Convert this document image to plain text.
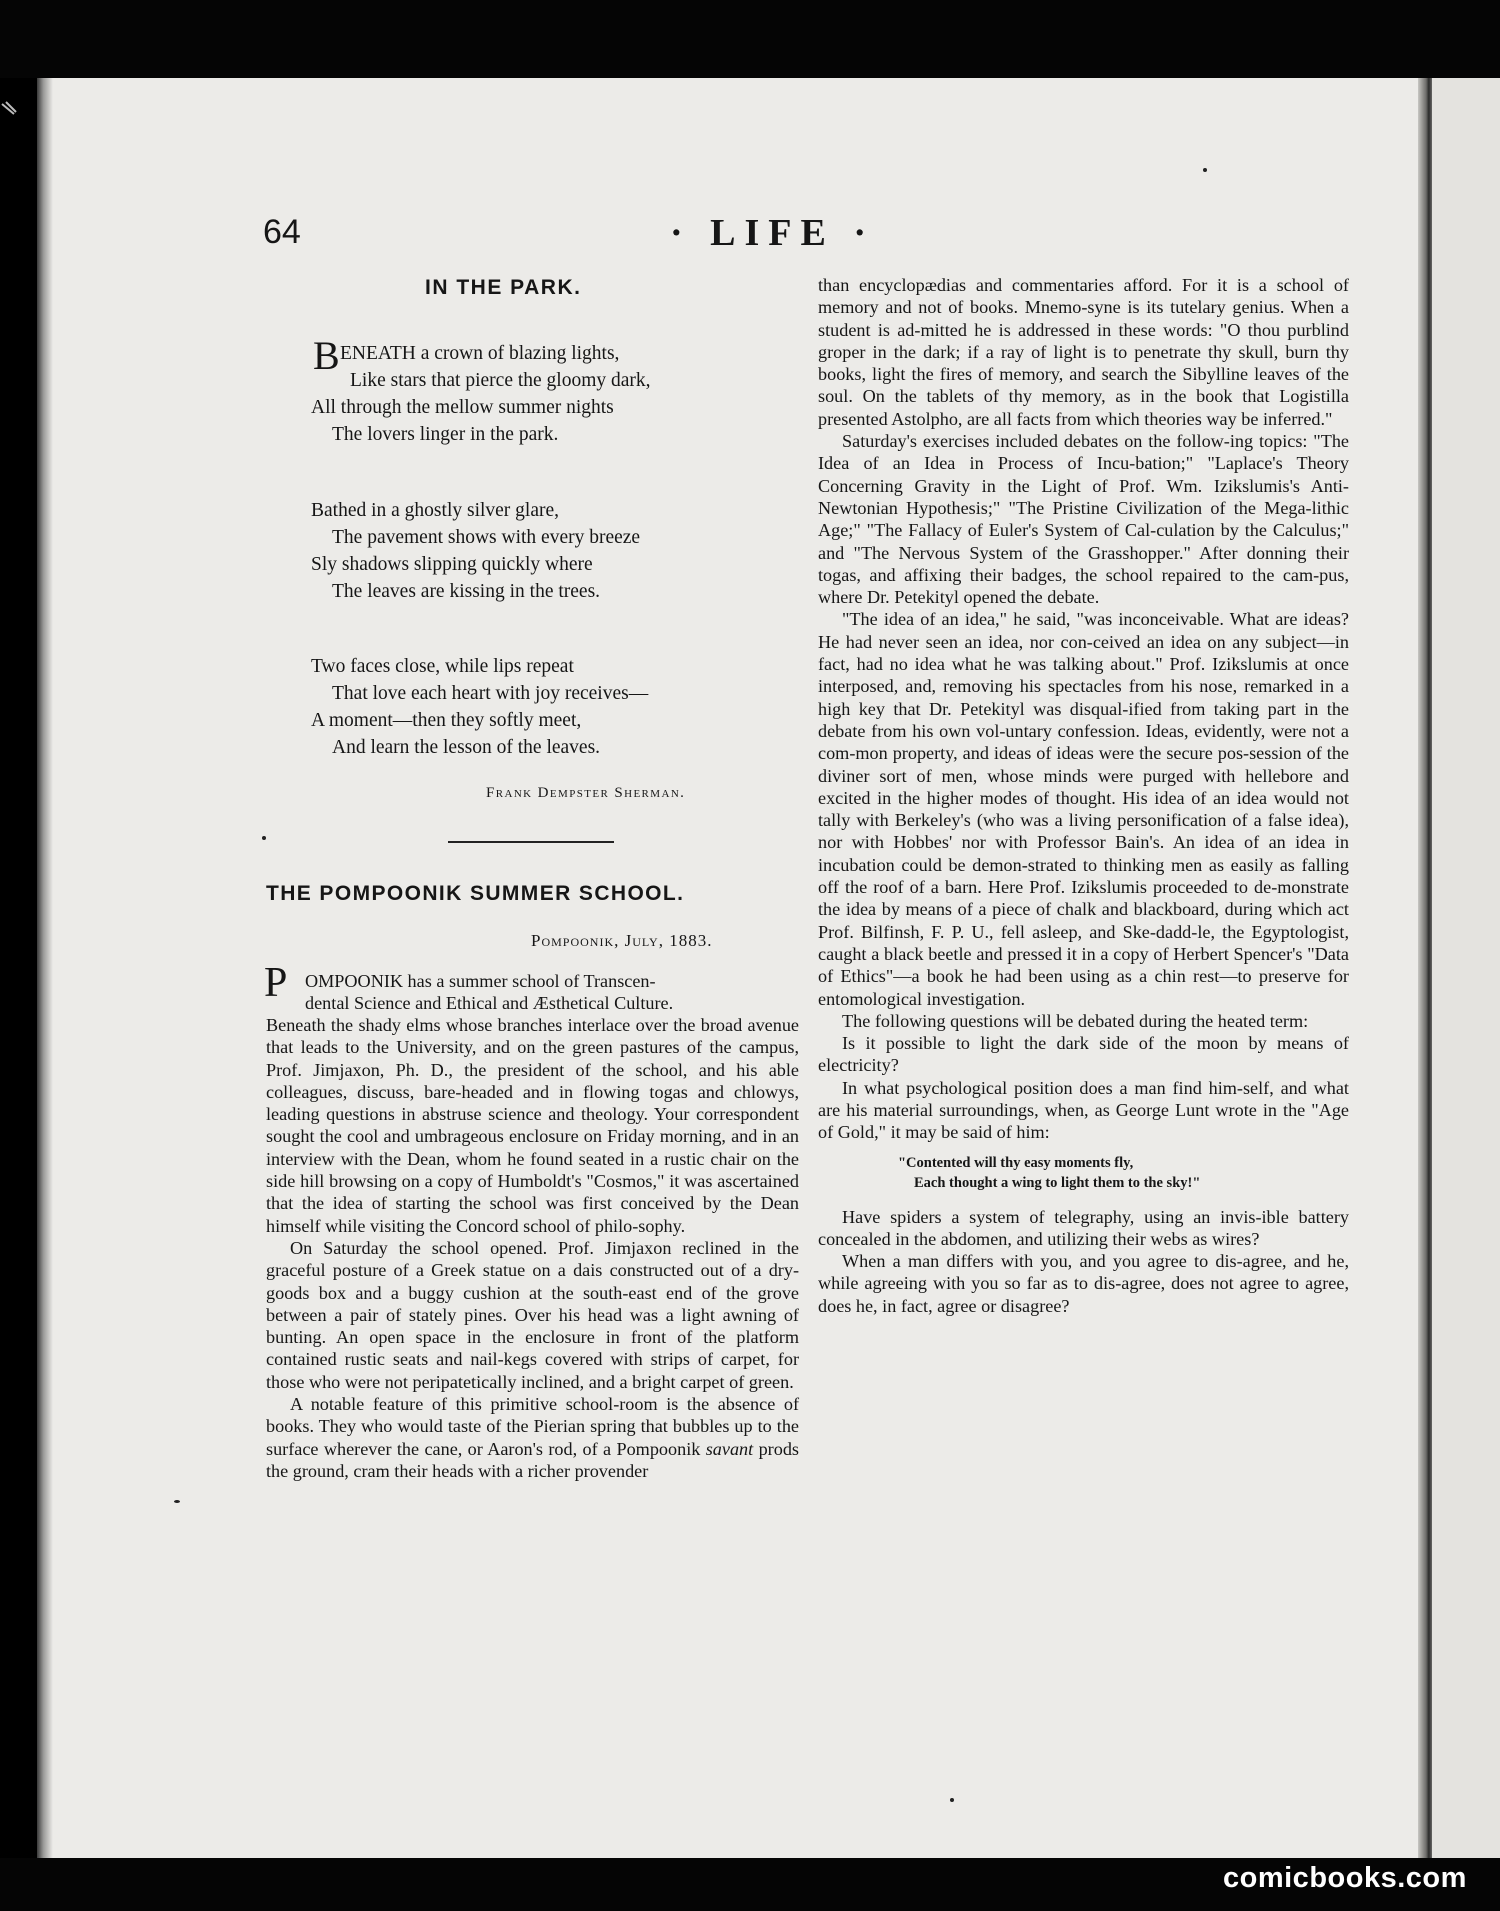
64	· LIFE ·
IN THE PARK.
B ENEATH a crown of blazing lights,
Like stars that pierce the gloomy dark,
All through the mellow summer nights
The lovers linger in the park.
Bathed in a ghostly silver glare,
The pavement shows with every breeze
Sly shadows slipping quickly where
The leaves are kissing in the trees.
Two faces close, while lips repeat
That love each heart with joy receives—
A moment—then they softly meet,
And learn the lesson of the leaves.
Frank Dempster Sherman.
THE POMPOONIK SUMMER SCHOOL.
Pompoonik, July, 1883.
P OMPOONIK has a summer school of Transcen-
dental Science and Ethical and Æsthetical Culture.

Beneath the shady elms whose branches interlace over the broad avenue that leads to the University, and on the green pastures of the campus, Prof. Jimjaxon, Ph. D., the president of the school, and his able colleagues, discuss, bare-headed and in flowing togas and chlowys, leading questions in abstruse science and theology. Your correspondent sought the cool and umbrageous enclosure on Friday morning, and in an interview with the Dean, whom he found seated in a rustic chair on the side hill browsing on a copy of Humboldt's "Cosmos," it was ascertained that the idea of starting the school was first conceived by the Dean himself while visiting the Concord school of philo-sophy.

On Saturday the school opened. Prof. Jimjaxon reclined in the graceful posture of a Greek statue on a dais constructed out of a dry-goods box and a buggy cushion at the south-east end of the grove between a pair of stately pines. Over his head was a light awning of bunting. An open space in the enclosure in front of the platform contained rustic seats and nail-kegs covered with strips of carpet, for those who were not peripatetically inclined, and a bright carpet of green.

A notable feature of this primitive school-room is the absence of books. They who would taste of the Pierian spring that bubbles up to the surface wherever the cane, or Aaron's rod, of a Pompoonik savant prods the ground, cram their heads with a richer provender

than encyclopædias and commentaries afford. For it is a school of memory and not of books. Mnemo-syne is its tutelary genius. When a student is ad-mitted he is addressed in these words: "O thou purblind groper in the dark; if a ray of light is to penetrate thy skull, burn thy books, light the fires of memory, and search the Sibylline leaves of the soul. On the tablets of thy memory, as in the book that Logistilla presented Astolpho, are all facts from which theories way be inferred."

Saturday's exercises included debates on the follow-ing topics: "The Idea of an Idea in Process of Incu-bation;" "Laplace's Theory Concerning Gravity in the Light of Prof. Wm. Izikslumis's Anti-Newtonian Hypothesis;" "The Pristine Civilization of the Mega-lithic Age;" "The Fallacy of Euler's System of Cal-culation by the Calculus;" and "The Nervous System of the Grasshopper." After donning their togas, and affixing their badges, the school repaired to the cam-pus, where Dr. Petekityl opened the debate.

"The idea of an idea," he said, "was inconceivable. What are ideas? He had never seen an idea, nor con-ceived an idea on any subject—in fact, had no idea what he was talking about." Prof. Izikslumis at once interposed, and, removing his spectacles from his nose, remarked in a high key that Dr. Petekityl was disqual-ified from taking part in the debate from his own vol-untary confession. Ideas, evidently, were not a com-mon property, and ideas of ideas were the secure pos-session of the diviner sort of men, whose minds were purged with hellebore and excited in the higher modes of thought. His idea of an idea would not tally with Berkeley's (who was a living personification of a false idea), nor with Hobbes' nor with Professor Bain's. An idea of an idea in incubation could be demon-strated to thinking men as easily as falling off the roof of a barn. Here Prof. Izikslumis proceeded to de-monstrate the idea by means of a piece of chalk and blackboard, during which act Prof. Bilfinsh, F. P. U., fell asleep, and Ske-dadd-le, the Egyptologist, caught a black beetle and pressed it in a copy of Herbert Spencer's "Data of Ethics"—a book he had been using as a chin rest—to preserve for entomological investigation.

The following questions will be debated during the heated term:

Is it possible to light the dark side of the moon by means of electricity?

In what psychological position does a man find him-self, and what are his material surroundings, when, as George Lunt wrote in the "Age of Gold," it may be said of him:

"Contented will thy easy moments fly,
Each thought a wing to light them to the sky!"

Have spiders a system of telegraphy, using an invis-ible battery concealed in the abdomen, and utilizing their webs as wires?

When a man differs with you, and you agree to dis-agree, and he, while agreeing with you so far as to dis-agree, does not agree to agree, does he, in fact, agree or disagree?

comicbooks.com
